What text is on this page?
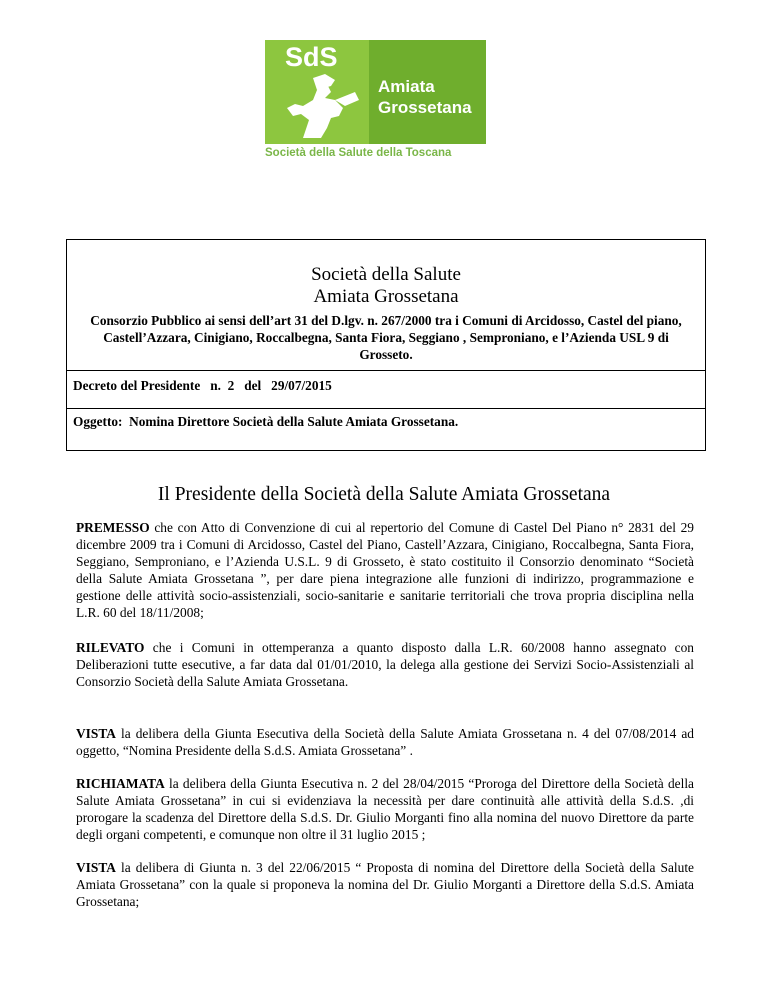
SdS
Amiata
Grossetana
Società della Salute della Toscana
Società della Salute
Amiata Grossetana
Consorzio Pubblico ai sensi dell’art 31 del D.lgv. n. 267/2000 tra i Comuni di Arcidosso, Castel del piano, Castell’Azzara, Cinigiano, Roccalbegna, Santa Fiora, Seggiano , Semproniano, e l’Azienda USL 9 di Grosseto.
Decreto del Presidente   n.  2   del   29/07/2015
Oggetto:  Nomina Direttore Società della Salute Amiata Grossetana.
Il Presidente della Società della Salute Amiata Grossetana
PREMESSO che con Atto di Convenzione di cui al repertorio del Comune di Castel Del Piano n° 2831 del 29 dicembre 2009 tra i Comuni di Arcidosso, Castel del Piano, Castell’Azzara, Cinigiano, Roccalbegna, Santa Fiora, Seggiano, Semproniano, e l’Azienda U.S.L. 9 di Grosseto, è stato costituito il Consorzio denominato “Società della Salute Amiata Grossetana ”, per dare piena integrazione alle funzioni di indirizzo, programmazione e gestione delle attività socio-assistenziali, socio-sanitarie e sanitarie territoriali che trova propria disciplina nella L.R. 60 del 18/11/2008;
RILEVATO che i Comuni in ottemperanza a quanto disposto dalla L.R. 60/2008 hanno assegnato con Deliberazioni tutte esecutive, a far data dal 01/01/2010, la delega alla gestione dei Servizi Socio-Assistenziali al Consorzio Società della Salute Amiata Grossetana.
VISTA la delibera della Giunta Esecutiva della Società della Salute Amiata Grossetana n. 4 del 07/08/2014 ad oggetto, “Nomina Presidente della S.d.S. Amiata Grossetana” .
RICHIAMATA la delibera della Giunta Esecutiva n. 2 del 28/04/2015 “Proroga del Direttore della Società della Salute Amiata Grossetana” in cui si evidenziava la necessità per dare continuità alle attività della S.d.S. ,di prorogare la scadenza del Direttore della S.d.S. Dr. Giulio Morganti fino alla nomina del nuovo Direttore da parte degli organi competenti, e comunque non oltre il 31 luglio 2015 ;
VISTA la delibera di Giunta n. 3 del 22/06/2015 “ Proposta di nomina del Direttore della Società della Salute Amiata Grossetana” con la quale si proponeva la nomina del Dr. Giulio Morganti a Direttore della S.d.S. Amiata Grossetana;
